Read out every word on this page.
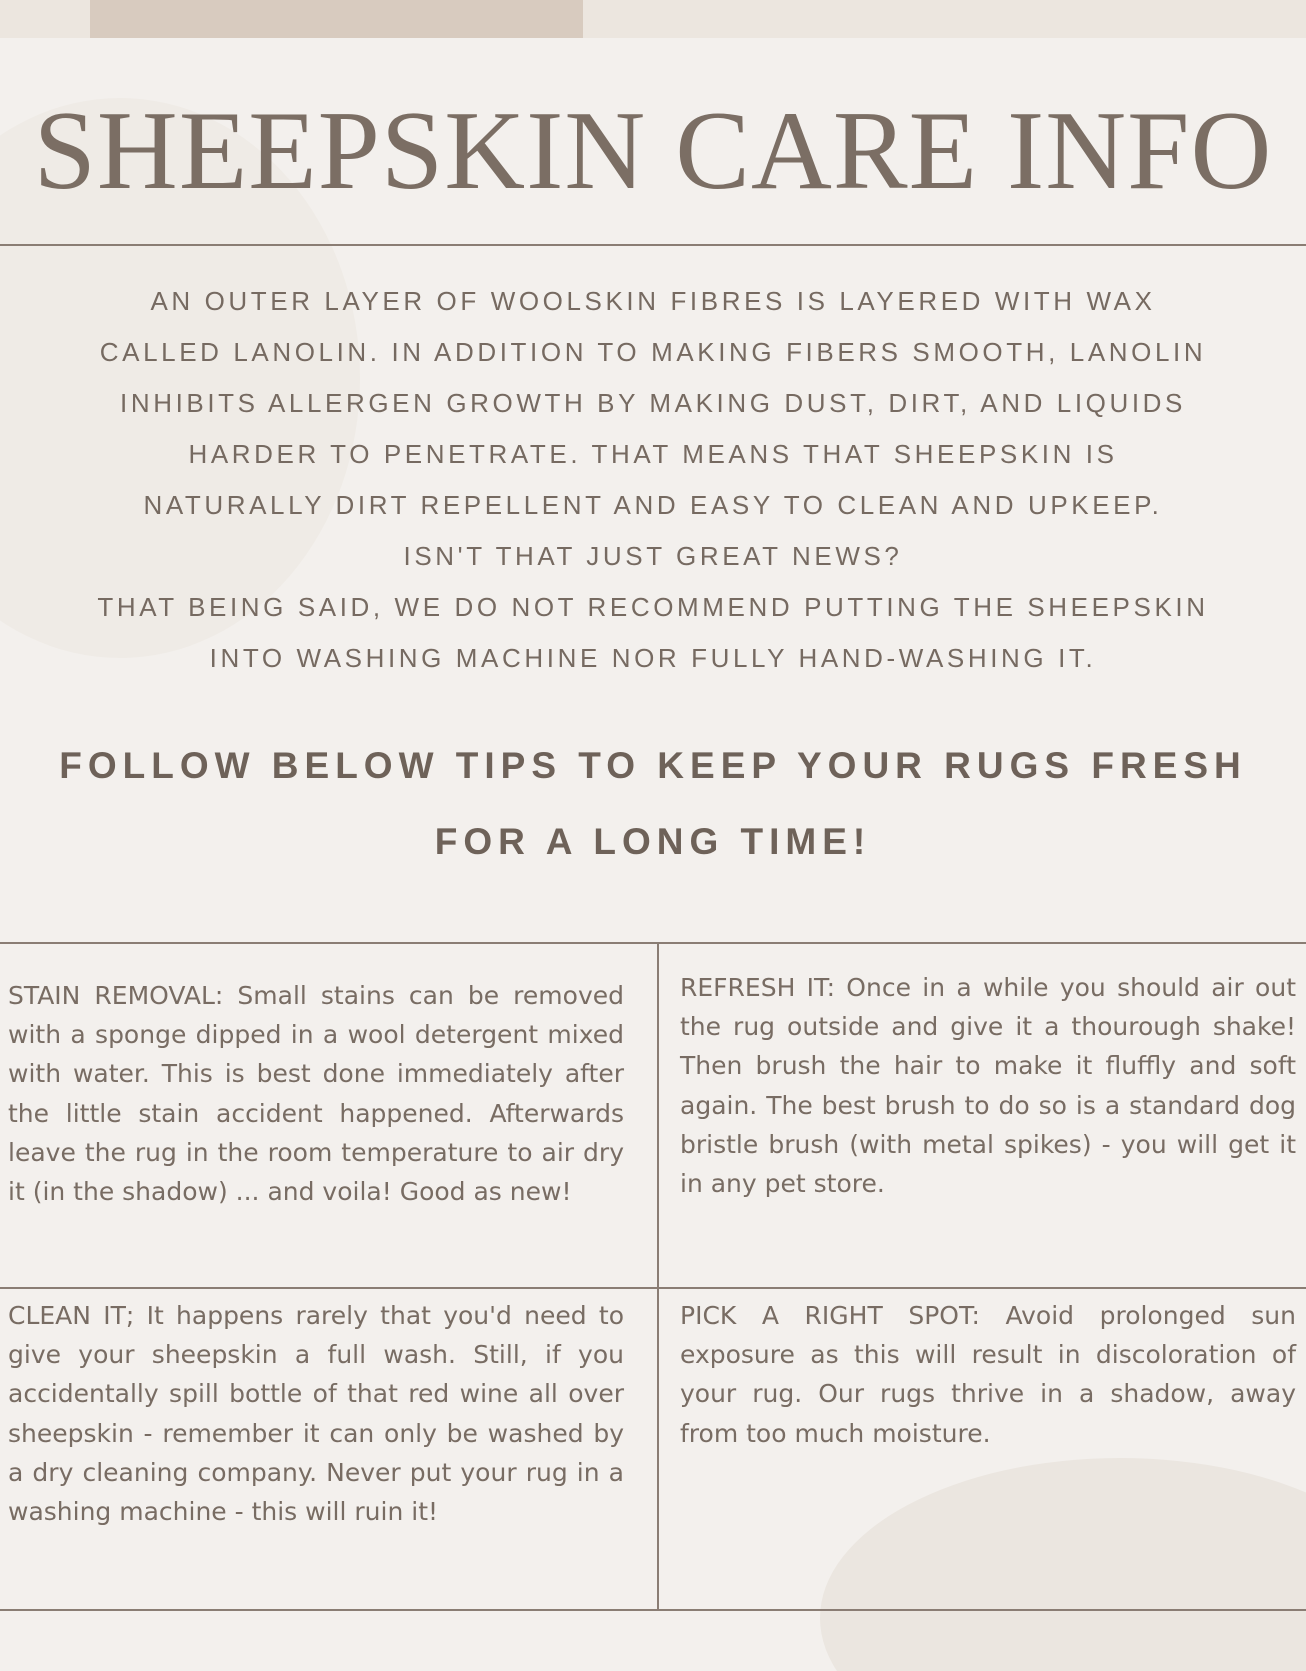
SHEEPSKIN CARE INFO

AN OUTER LAYER OF WOOLSKIN FIBRES IS LAYERED WITH WAX

CALLED LANOLIN. IN ADDITION TO MAKING FIBERS SMOOTH, LANOLIN

INHIBITS ALLERGEN GROWTH BY MAKING DUST, DIRT, AND LIQUIDS

HARDER TO PENETRATE. THAT MEANS THAT SHEEPSKIN IS

NATURALLY DIRT REPELLENT AND EASY TO CLEAN AND UPKEEP.

ISN'T THAT JUST GREAT NEWS?

THAT BEING SAID, WE DO NOT RECOMMEND PUTTING THE SHEEPSKIN

INTO WASHING MACHINE NOR FULLY HAND-WASHING IT.

FOLLOW BELOW TIPS TO KEEP YOUR RUGS FRESH
FOR A LONG TIME!

STAIN REMOVAL: Small stains can be removed with a sponge dipped in a wool detergent mixed with water. This is best done immediately after the little stain accident happened. Afterwards leave the rug in the room temperature to air dry it (in the shadow) ... and voila! Good as new!

REFRESH IT: Once in a while you should air out the rug outside and give it a thourough shake! Then brush the hair to make it fluffly and soft again. The best brush to do so is a standard dog bristle brush (with metal spikes) - you will get it in any pet store.

CLEAN IT; It happens rarely that you'd need to give your sheepskin a full wash. Still, if you accidentally spill bottle of that red wine all over sheepskin - remember it can only be washed by a dry cleaning company. Never put your rug in a washing machine - this will ruin it!

PICK A RIGHT SPOT: Avoid prolonged sun exposure as this will result in discoloration of your rug. Our rugs thrive in a shadow, away from too much moisture.
